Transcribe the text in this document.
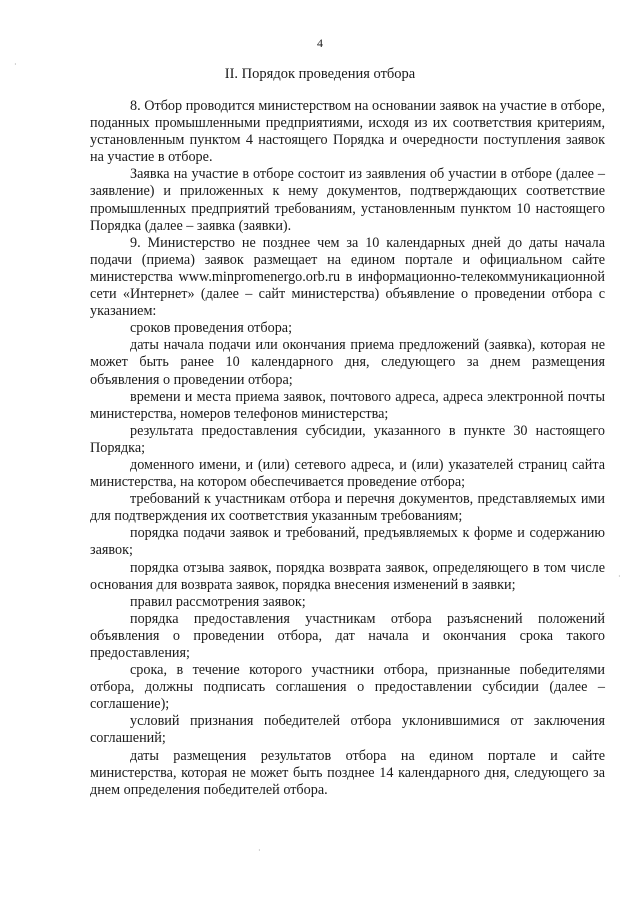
4
II. Порядок проведения отбора

8. Отбор проводится министерством на основании заявок на участие в отборе, поданных промышленными предприятиями, исходя из их соответствия критериям, установленным пунктом 4 настоящего Порядка и очередности поступления заявок на участие в отборе.

Заявка на участие в отборе состоит из заявления об участии в отборе (далее – заявление) и приложенных к нему документов, подтверждающих соответствие промышленных предприятий требованиям, установленным пунктом 10 настоящего Порядка (далее – заявка (заявки).

9. Министерство не позднее чем за 10 календарных дней до даты начала подачи (приема) заявок размещает на едином портале и официальном сайте министерства www.minpromenergo.orb.ru в информационно-телекоммуникационной сети «Интернет» (далее – сайт министерства) объявление о проведении отбора с указанием:

сроков проведения отбора;

даты начала подачи или окончания приема предложений (заявка), которая не может быть ранее 10 календарного дня, следующего за днем размещения объявления о проведении отбора;

времени и места приема заявок, почтового адреса, адреса электронной почты министерства, номеров телефонов министерства;

результата предоставления субсидии, указанного в пункте 30 настоящего Порядка;

доменного имени, и (или) сетевого адреса, и (или) указателей страниц сайта министерства, на котором обеспечивается проведение отбора;

требований к участникам отбора и перечня документов, представляемых ими для подтверждения их соответствия указанным требованиям;

порядка подачи заявок и требований, предъявляемых к форме и содержанию заявок;

порядка отзыва заявок, порядка возврата заявок, определяющего в том числе основания для возврата заявок, порядка внесения изменений в заявки;

правил рассмотрения заявок;

порядка предоставления участникам отбора разъяснений положений объявления о проведении отбора, дат начала и окончания срока такого предоставления;

срока, в течение которого участники отбора, признанные победителями отбора, должны подписать соглашения о предоставлении субсидии (далее – соглашение);

условий признания победителей отбора уклонившимися от заключения соглашений;

даты размещения результатов отбора на едином портале и сайте министерства, которая не может быть позднее 14 календарного дня, следующего за днем определения победителей отбора.

·
·
·
